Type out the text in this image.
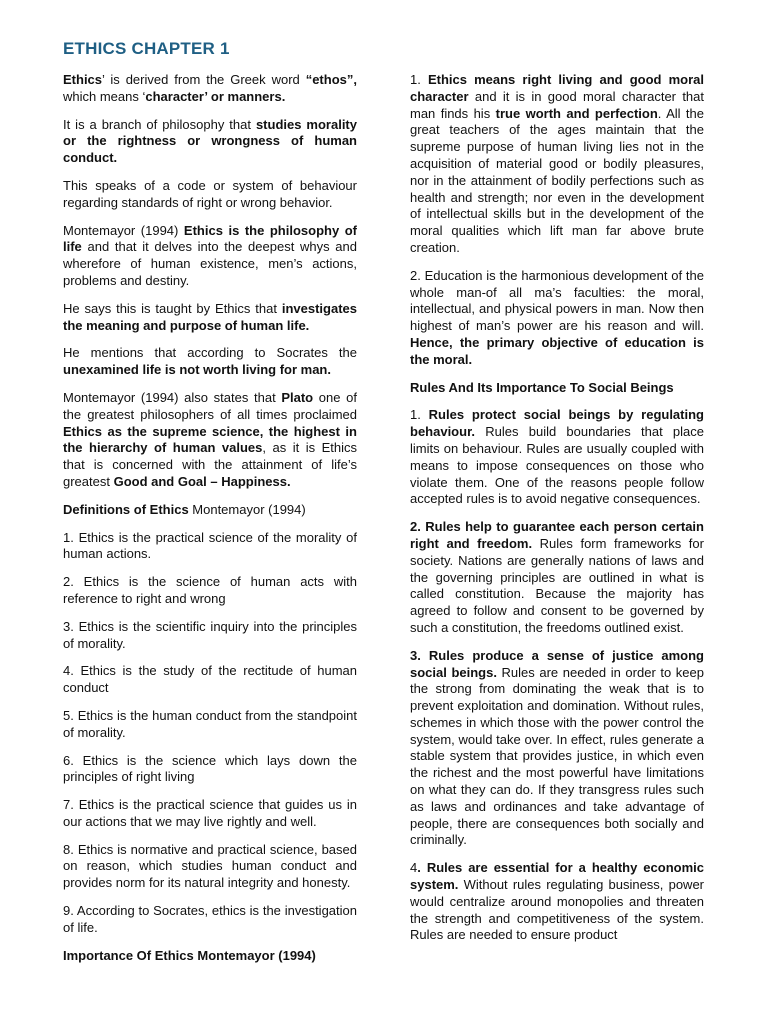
ETHICS CHAPTER 1

Ethics’ is derived from the Greek word “ethos”, which means ‘character’ or manners.

It is a branch of philosophy that studies morality or the rightness or wrongness of human conduct.

This speaks of a code or system of behaviour regarding standards of right or wrong behavior.

Montemayor (1994) Ethics is the philosophy of life and that it delves into the deepest whys and wherefore of human existence, men’s actions, problems and destiny.

He says this is taught by Ethics that investigates the meaning and purpose of human life.

He mentions that according to Socrates the unexamined life is not worth living for man.

Montemayor (1994) also states that Plato one of the greatest philosophers of all times proclaimed Ethics as the supreme science, the highest in the hierarchy of human values, as it is Ethics that is concerned with the attainment of life’s greatest Good and Goal – Happiness.

Definitions of Ethics Montemayor (1994)

1. Ethics is the practical science of the morality of human actions.

2. Ethics is the science of human acts with reference to right and wrong

3. Ethics is the scientific inquiry into the principles of morality.

4. Ethics is the study of the rectitude of human conduct

5. Ethics is the human conduct from the standpoint of morality.

6. Ethics is the science which lays down the principles of right living

7. Ethics is the practical science that guides us in our actions that we may live rightly and well.

8. Ethics is normative and practical science, based on reason, which studies human conduct and provides norm for its natural integrity and honesty.

9. According to Socrates, ethics is the investigation of life.

Importance Of Ethics Montemayor (1994)

1. Ethics means right living and good moral character and it is in good moral character that man finds his true worth and perfection. All the great teachers of the ages maintain that the supreme purpose of human living lies not in the acquisition of material good or bodily pleasures, nor in the attainment of bodily perfections such as health and strength; nor even in the development of intellectual skills but in the development of the moral qualities which lift man far above brute creation.

2. Education is the harmonious development of the whole man-of all ma’s faculties: the moral, intellectual, and physical powers in man. Now then highest of man’s power are his reason and will. Hence, the primary objective of education is the moral.

Rules And Its Importance To Social Beings

1. Rules protect social beings by regulating behaviour. Rules build boundaries that place limits on behaviour. Rules are usually coupled with means to impose consequences on those who violate them. One of the reasons people follow accepted rules is to avoid negative consequences.

2. Rules help to guarantee each person certain right and freedom. Rules form frameworks for society. Nations are generally nations of laws and the governing principles are outlined in what is called constitution. Because the majority has agreed to follow and consent to be governed by such a constitution, the freedoms outlined exist.

3. Rules produce a sense of justice among social beings. Rules are needed in order to keep the strong from dominating the weak that is to prevent exploitation and domination. Without rules, schemes in which those with the power control the system, would take over. In effect, rules generate a stable system that provides justice, in which even the richest and the most powerful have limitations on what they can do. If they transgress rules such as laws and ordinances and take advantage of people, there are consequences both socially and criminally.

4. Rules are essential for a healthy economic system. Without rules regulating business, power would centralize around monopolies and threaten the strength and competitiveness of the system. Rules are needed to ensure product
